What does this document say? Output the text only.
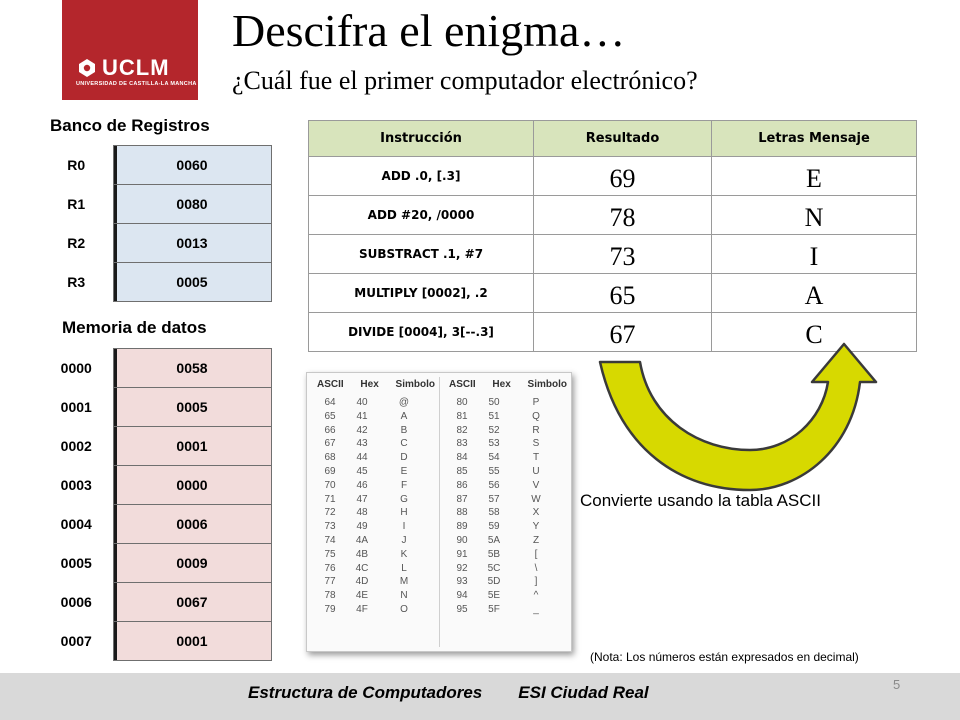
UCLM
UNIVERSIDAD DE CASTILLA-LA MANCHA
Descifra el enigma…
¿Cuál fue el primer computador electrónico?
Banco de Registros
R0	0060
R1	0080
R2	0013
R3	0005
Memoria de datos
0000	0058
0001	0005
0002	0001
0003	0000
0004	0006
0005	0009
0006	0067
0007	0001
Instrucción	Resultado	Letras Mensaje
ADD .0, [.3]	69	E
ADD #20, /0000	78	N
SUBSTRACT .1, #7	73	I
MULTIPLY [0002], .2	65	A
DIVIDE [0004], 3[--.3]	67	C
ASCII Hex Simbolo
64	40	@
65	41	A
66	42	B
67	43	C
68	44	D
69	45	E
70	46	F
71	47	G
72	48	H
73	49	I
74	4A	J
75	4B	K
76	4C	L
77	4D	M
78	4E	N
79	4F	O
ASCII Hex Simbolo
80	50	P
81	51	Q
82	52	R
83	53	S
84	54	T
85	55	U
86	56	V
87	57	W
88	58	X
89	59	Y
90	5A	Z
91	5B	[
92	5C	\
93	5D	]
94	5E	^
95	5F	_
Convierte usando la tabla ASCII
(Nota: Los números están expresados en decimal)
Estructura de Computadores ESI Ciudad Real	5
